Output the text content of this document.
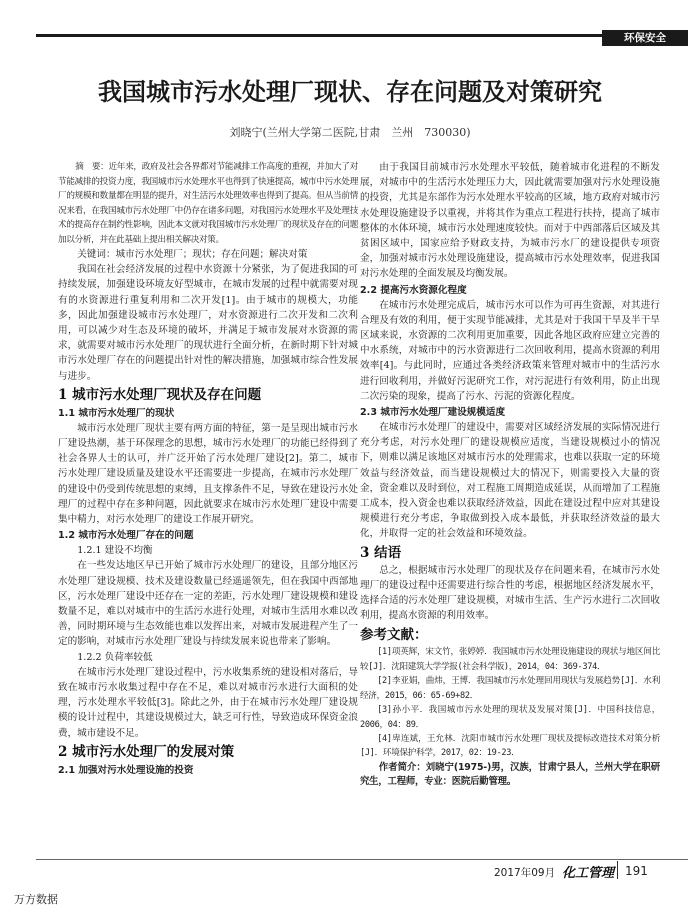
环保安全
我国城市污水处理厂现状、存在问题及对策研究
刘晓宁(兰州大学第二医院,甘肃　兰州　730030)

摘　要：近年来，政府及社会各界都对节能减排工作高度的重视，并加大了对节能减排的投资力度，我国城市污水处理水平也得到了快速提高，城市中污水处理厂的规模和数量都在明显的提升，对生活污水处理效率也得到了提高。但从当前情况来看，在我国城市污水处理厂中仍存在诸多问题，对我国污水处理水平及处理技术的提高存在制约性影响，因此本文就对我国城市污水处理厂的现状及存在的问题加以分析，并在此基础上提出相关解决对策。

关键词：城市污水处理厂；现状；存在问题；解决对策

我国在社会经济发展的过程中水资源十分紧张，为了促进我国的可持续发展，加强建设环境友好型城市，在城市发展的过程中就需要对现有的水资源进行重复利用和二次开发[1]。由于城市的规模大，功能多，因此加强建设城市污水处理厂，对水资源进行二次开发和二次利用，可以减少对生态及环境的破坏，并满足于城市发展对水资源的需求，就需要对城市污水处理厂的现状进行全面分析，在新时期下针对城市污水处理厂存在的问题提出针对性的解决措施，加强城市综合性发展与进步。

1 城市污水处理厂现状及存在问题
1.1 城市污水处理厂的现状

城市污水处理厂现状主要有两方面的特征，第一是呈现出城市污水厂建设热潮，基于环保理念的思想，城市污水处理厂的功能已经得到了社会各界人士的认可，并广泛开始了污水处理厂建设[2]。第二，城市污水处理厂建设质量及建设水平还需要进一步提高，在城市污水处理厂的建设中仍受到传统思想的束缚，且支撑条件不足，导致在建设污水处理厂的过程中存在多种问题，因此就要求在城市污水处理厂建设中需要集中精力，对污水处理厂的建设工作展开研究。

1.2 城市污水处理厂存在的问题
1.2.1 建设不均衡

在一些发达地区早已开始了城市污水处理厂的建设，且部分地区污水处理厂建设规模、技术及建设数量已经遥遥领先，但在我国中西部地区，污水处理厂建设中还存在一定的差距，污水处理厂建设规模和建设数量不足，难以对城市中的生活污水进行处理，对城市生活用水难以改善，同时期环境与生态效能也难以发挥出来，对城市发展进程产生了一定的影响，对城市污水处理厂建设与持续发展来说也带来了影响。

1.2.2 负荷率较低

在城市污水处理厂建设过程中，污水收集系统的建设相对落后，导致在城市污水收集过程中存在不足，难以对城市污水进行大面积的处理，污水处理水平较低[3]。除此之外，由于在城市污水处理厂建设规模的设计过程中，其建设规模过大，缺乏可行性，导致造成环保资金浪费，城市建设不足。

2 城市污水处理厂的发展对策
2.1 加强对污水处理设施的投资

由于我国目前城市污水处理水平较低，随着城市化进程的不断发展，对城市中的生活污水处理压力大，因此就需要加强对污水处理设施的投资，尤其是东部作为污水处理水平较高的区域，地方政府对城市污水处理设施建设予以重视，并将其作为重点工程进行扶持，提高了城市整体的水体环境，城市污水处理速度较快。而对于中西部落后区域及其贫困区域中，国家应给予财政支持，为城市污水厂的建设提供专项资金，加强对城市污水处理设施建设，提高城市污水处理效率，促进我国对污水处理的全面发展及均衡发展。

2.2 提高污水资源化程度

在城市污水处理完成后，城市污水可以作为可再生资源，对其进行合理及有效的利用，便于实现节能减排，尤其是对于我国干旱及半干旱区域来说，水资源的二次利用更加重要，因此各地区政府应建立完善的中水系统，对城市中的污水资源进行二次回收利用，提高水资源的利用效率[4]。与此同时，应通过各类经济政策来管理对城市中的生活污水进行回收利用，并做好污泥研究工作，对污泥进行有效利用，防止出现二次污染的现象，提高了污水、污泥的资源化程度。

2.3 城市污水处理厂建设规模适度

在城市污水处理厂的建设中，需要对区域经济发展的实际情况进行充分考虑，对污水处理厂的建设规模应适度，当建设规模过小的情况下，则难以满足该地区对城市污水的处理需求，也难以获取一定的环境效益与经济效益，而当建设规模过大的情况下，则需要投入大量的资金，资金难以及时到位，对工程施工周期造成延误，从而增加了工程施工成本，投入资金也难以获取经济效益，因此在建设过程中应对其建设规模进行充分考虑，争取做到投入成本最低，并获取经济效益的最大化，并取得一定的社会效益和环境效益。

3 结语

总之，根据城市污水处理厂的现状及存在问题来看，在城市污水处理厂的建设过程中还需要进行综合性的考虑，根据地区经济发展水平，选择合适的污水处理厂建设规模，对城市生活、生产污水进行二次回收利用，提高水资源的利用效率。

参考文献：

[1]项英辉，宋文竹，张婷婷．我国城市污水处理设施建设的现状与地区间比较[J]．沈阳建筑大学学报(社会科学版)，2014，04：369-374．

[2]李亚娟，曲炜，王博．我国城市污水处理回用现状与发展趋势[J]．水利经济，2015，06：65-69+82．

[3]孙小平．我国城市污水处理的现状及发展对策[J]．中国科技信息，2006，04：89．

[4]卑连斌，王允林．沈阳市城市污水处理厂现状及提标改造技术对策分析[J]．环境保护科学，2017，02：19-23．

作者简介：刘晓宁(1975-)男，汉族，甘肃宁县人，兰州大学在职研究生，工程师，专业：医院后勤管理。

2017年09月 化工管理 191
万方数据
